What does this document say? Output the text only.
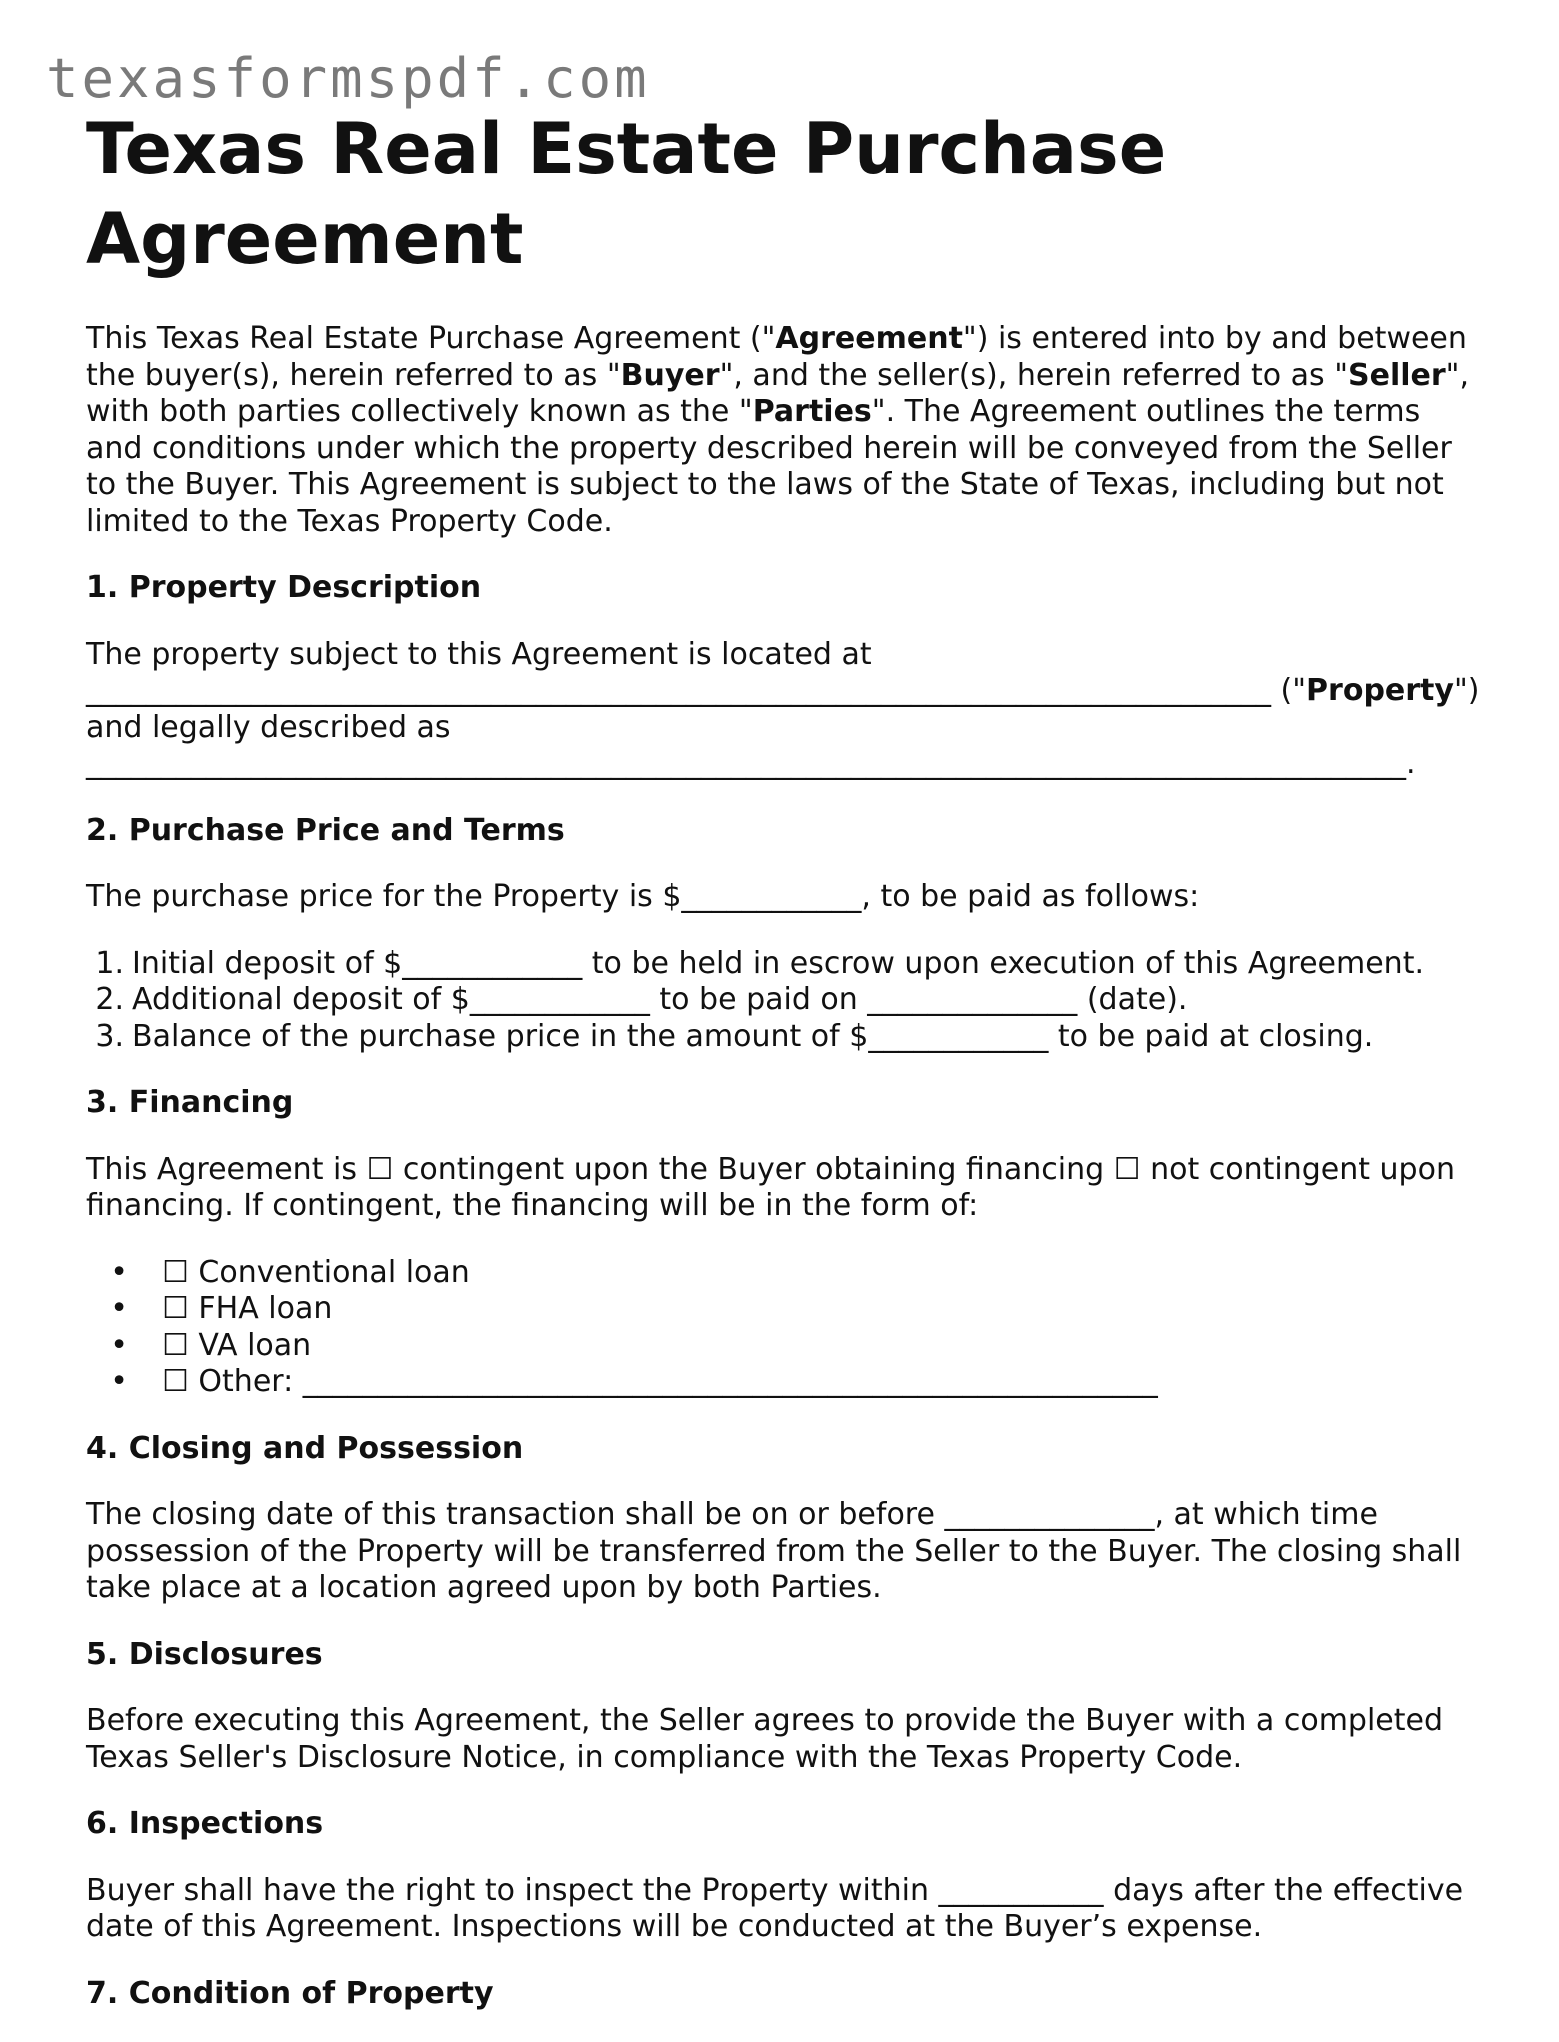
texasformspdf.com
Texas Real Estate Purchase Agreement

This Texas Real Estate Purchase Agreement ("Agreement") is entered into by and between the buyer(s), herein referred to as "Buyer", and the seller(s), herein referred to as "Seller", with both parties collectively known as the "Parties". The Agreement outlines the terms and conditions under which the property described herein will be conveyed from the Seller to the Buyer. This Agreement is subject to the laws of the State of Texas, including but not limited to the Texas Property Code.

1. Property Description

The property subject to this Agreement is located at

_______________________________________________________________________________ ("Property")

and legally described as

________________________________________________________________________________________.

2. Purchase Price and Terms

The purchase price for the Property is $____________, to be paid as follows:

1. Initial deposit of $____________ to be held in escrow upon execution of this Agreement.
2. Additional deposit of $____________ to be paid on ______________ (date).
3. Balance of the purchase price in the amount of $____________ to be paid at closing.
3. Financing

This Agreement is ☐ contingent upon the Buyer obtaining financing ☐ not contingent upon financing. If contingent, the financing will be in the form of:

• ☐ Conventional loan
• ☐ FHA loan
• ☐ VA loan
• ☐ Other: _________________________________________________________
4. Closing and Possession

The closing date of this transaction shall be on or before ______________, at which time possession of the Property will be transferred from the Seller to the Buyer. The closing shall take place at a location agreed upon by both Parties.

5. Disclosures

Before executing this Agreement, the Seller agrees to provide the Buyer with a completed Texas Seller's Disclosure Notice, in compliance with the Texas Property Code.

6. Inspections

Buyer shall have the right to inspect the Property within ___________ days after the effective date of this Agreement. Inspections will be conducted at the Buyer’s expense.

7. Condition of Property
